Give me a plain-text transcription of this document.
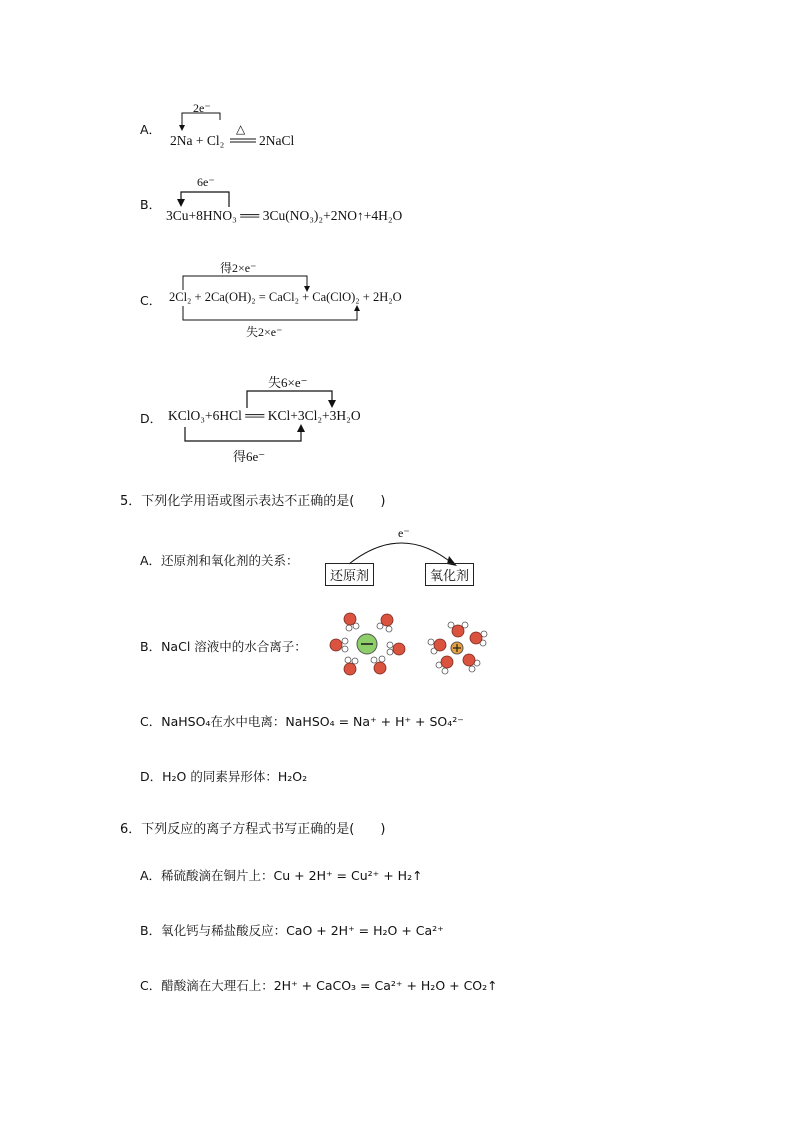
A．
2e⁻
2Na + Cl₂
△
2NaCl
B．
6e⁻
3Cu+8HNO₃ ══ 3Cu(NO₃)₂+2NO↑+4H₂O
C．
得2×e⁻
2Cl₂ + 2Ca(OH)₂ = CaCl₂ + Ca(ClO)₂ + 2H₂O
失2×e⁻
D．
失6×e⁻
KClO₃+6HCl ══ KCl+3Cl₂+3H₂O
得6e⁻
5．下列化学用语或图示表达不正确的是(　　)
A．还原剂和氧化剂的关系：
e⁻
还原剂	氧化剂
B．NaCl 溶液中的水合离子：
C．NaHSO₄在水中电离：NaHSO₄ = Na⁺ + H⁺ + SO₄²⁻
D．H₂O 的同素异形体：H₂O₂
6．下列反应的离子方程式书写正确的是(　　)
A．稀硫酸滴在铜片上：Cu + 2H⁺ = Cu²⁺ + H₂↑
B．氧化钙与稀盐酸反应：CaO + 2H⁺ = H₂O + Ca²⁺
C．醋酸滴在大理石上：2H⁺ + CaCO₃ = Ca²⁺ + H₂O + CO₂↑
